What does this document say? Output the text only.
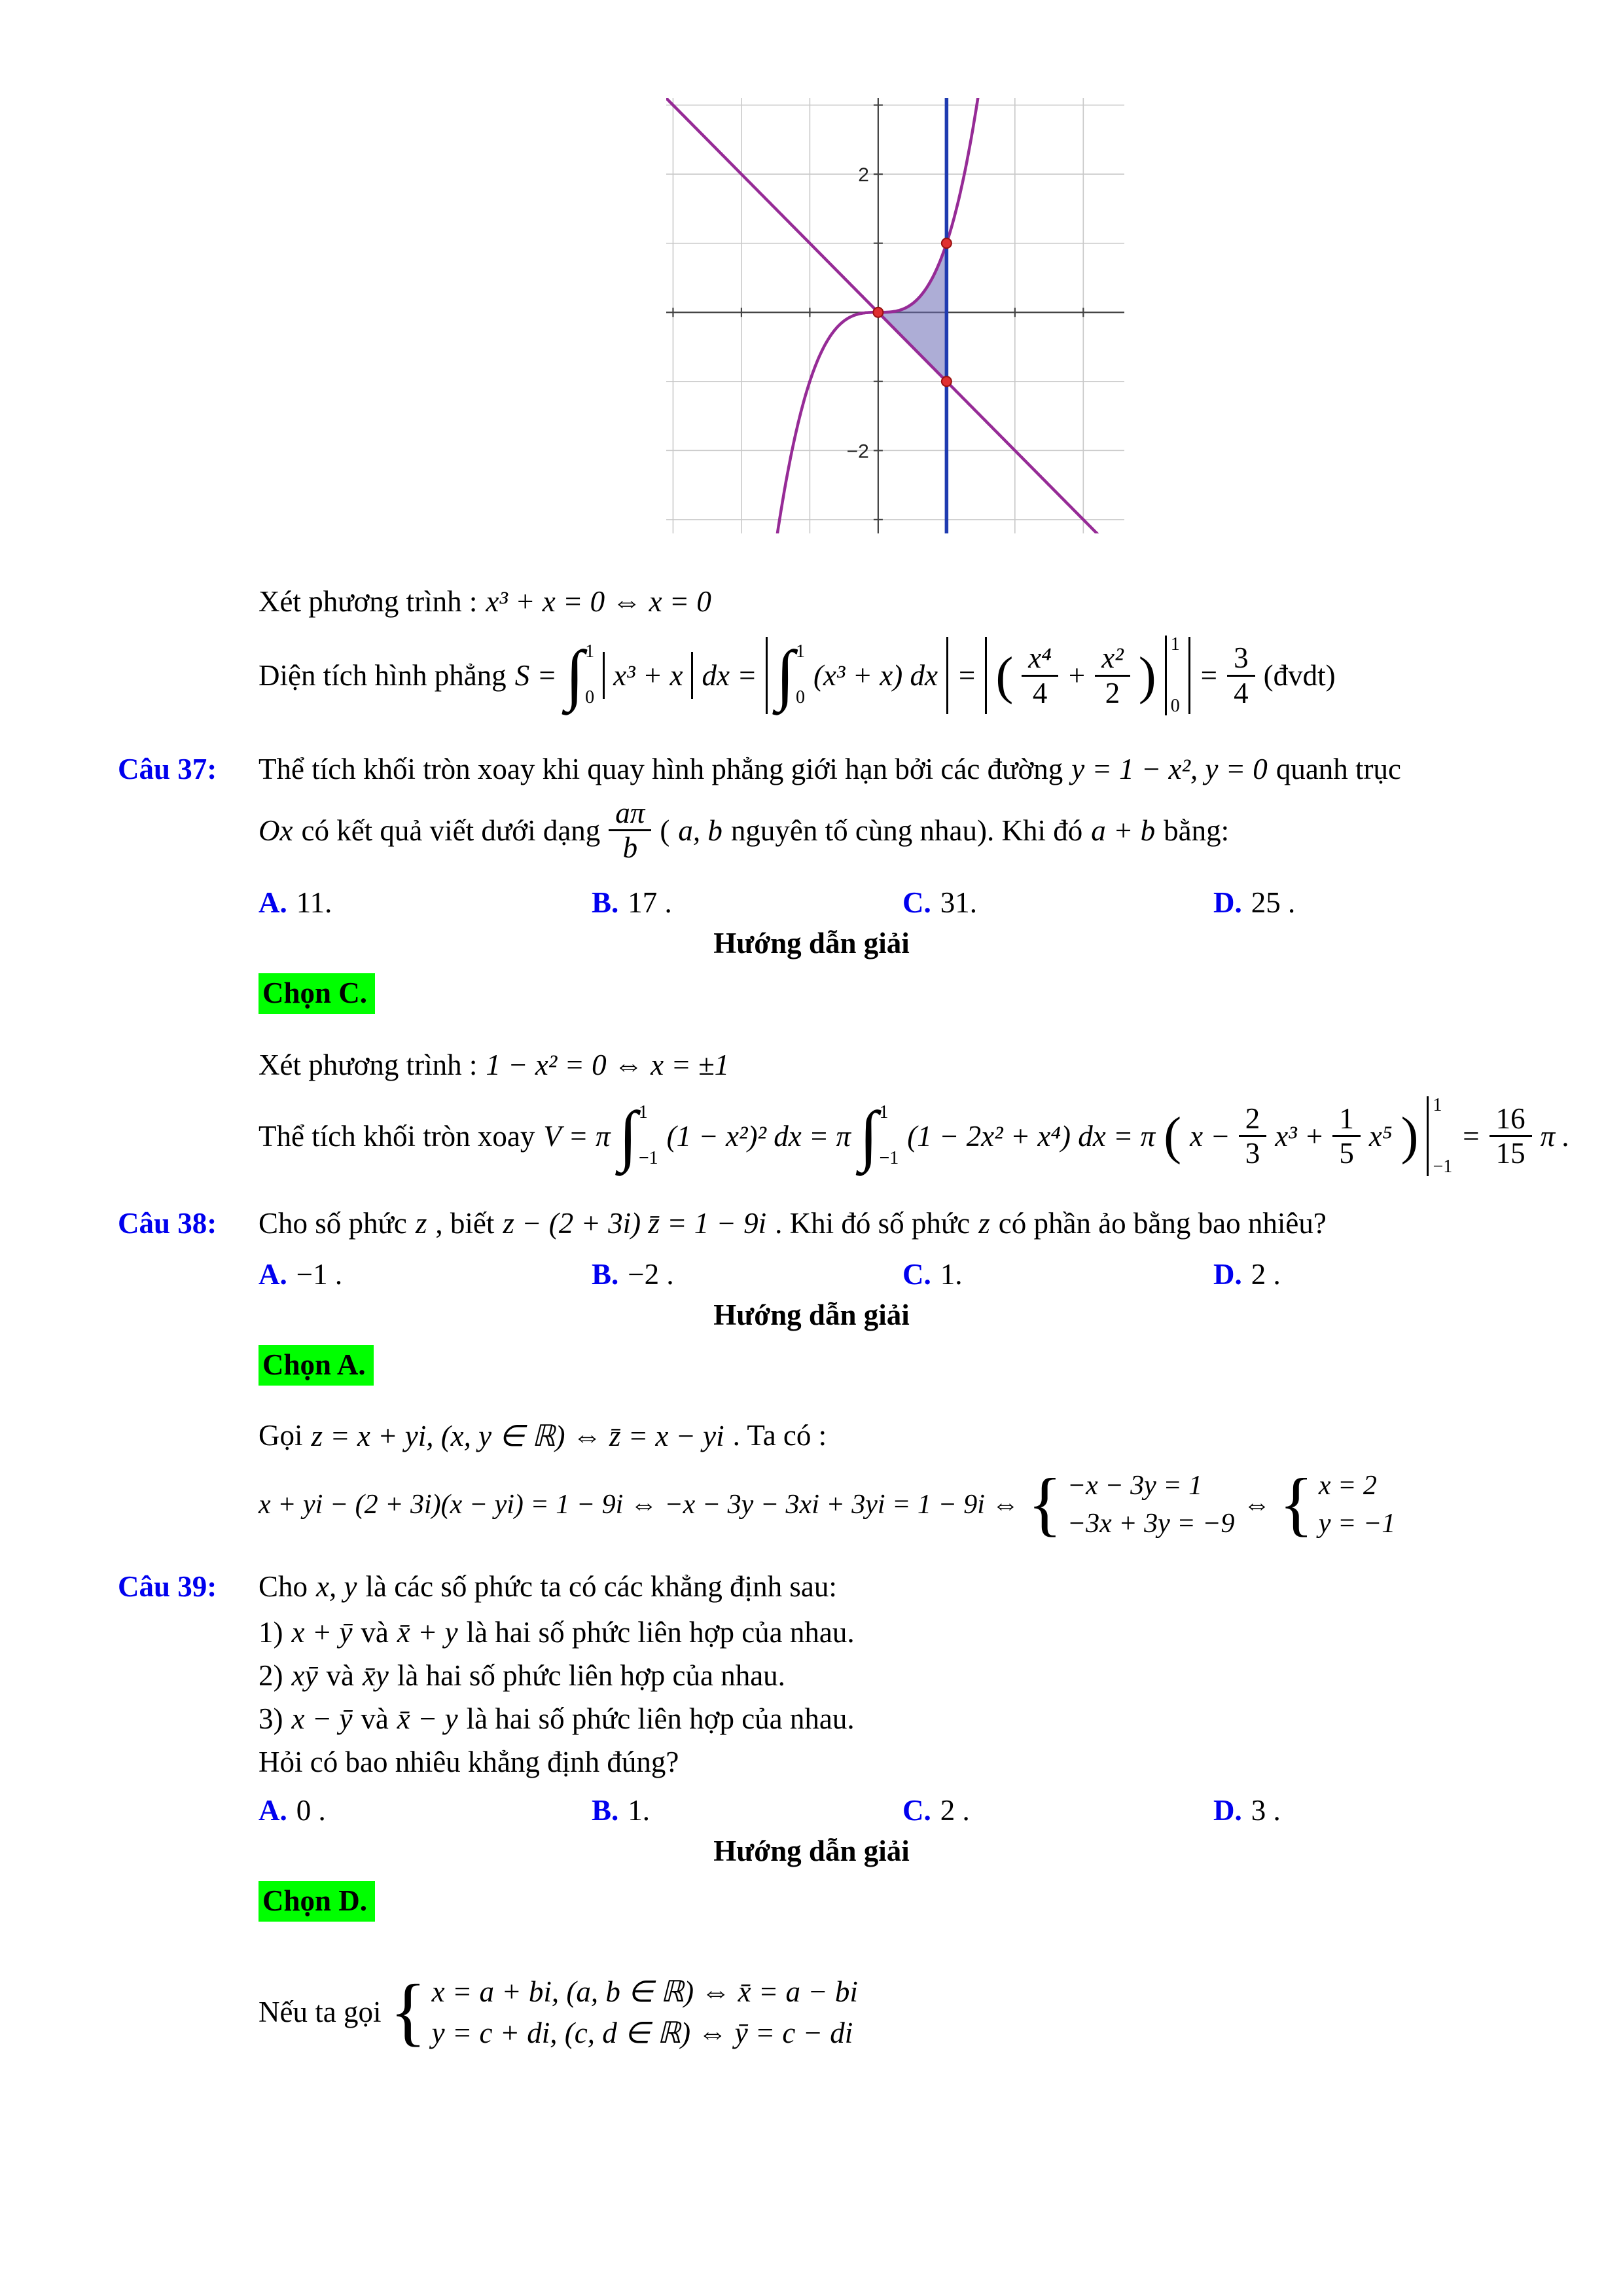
2
−2
Xét phương trình : x³ + x = 0 ⇔ x = 0
Diện tích hình phẳng S = ∫ 1
0
x³ + x dx = ∫ 1
0
(x³ + x) dx = ( $\frac{\text{x⁴}}{4} + \frac{\text{x²}}{2}$ )
1
0
= $\frac{3}{4}$ (đvdt)
Câu 37: Thể tích khối tròn xoay khi quay hình phẳng giới hạn bởi các đường y = 1 − x², y = 0 quanh trục
Ox có kết quả viết dưới dạng $\frac{a\pi}{b}$ ( a, b nguyên tố cùng nhau). Khi đó a + b bằng:
A. 11.	B. 17 .	C. 31.	D. 25 .
Hướng dẫn giải
Chọn C.
Xét phương trình : 1 − x² = 0 ⇔ x = ±1
Thể tích khối tròn xoay V = π ∫ 1
−1
(1 − x²)² dx = π ∫ 1
−1
(1 − 2x² + x⁴) dx = π ( $x - \frac{2}{3} x^3 + \frac{1}{5} x^5$ )
1
−1
= $\frac{16}{15}$ π .
Câu 38: Cho số phức z , biết z − (2 + 3i) z̄ = 1 − 9i . Khi đó số phức z có phần ảo bằng bao nhiêu?
A. −1 .	B. −2 .	C. 1.	D. 2 .
Hướng dẫn giải
Chọn A.
Gọi z = x + yi, (x, y ∈ ℝ) ⇔ z̄ = x − yi . Ta có :
x + yi − (2 + 3i)(x − yi) = 1 − 9i ⇔ −x − 3y − 3xi + 3yi = 1 − 9i ⇔ { −x − 3y = 1
−3x + 3y = −9
⇔ { x = 2
y = −1
Câu 39: Cho x, y là các số phức ta có các khẳng định sau:
1) x + ȳ và x̄ + y là hai số phức liên hợp của nhau.
2) xȳ và x̄y là hai số phức liên hợp của nhau.
3) x − ȳ và x̄ − y là hai số phức liên hợp của nhau.
Hỏi có bao nhiêu khẳng định đúng?
A. 0 .	B. 1.	C. 2 .	D. 3 .
Hướng dẫn giải
Chọn D.
Nếu ta gọi { x = a + bi, (a, b ∈ ℝ) ⇔ x̄ = a − bi
y = c + di, (c, d ∈ ℝ) ⇔ ȳ = c − di
